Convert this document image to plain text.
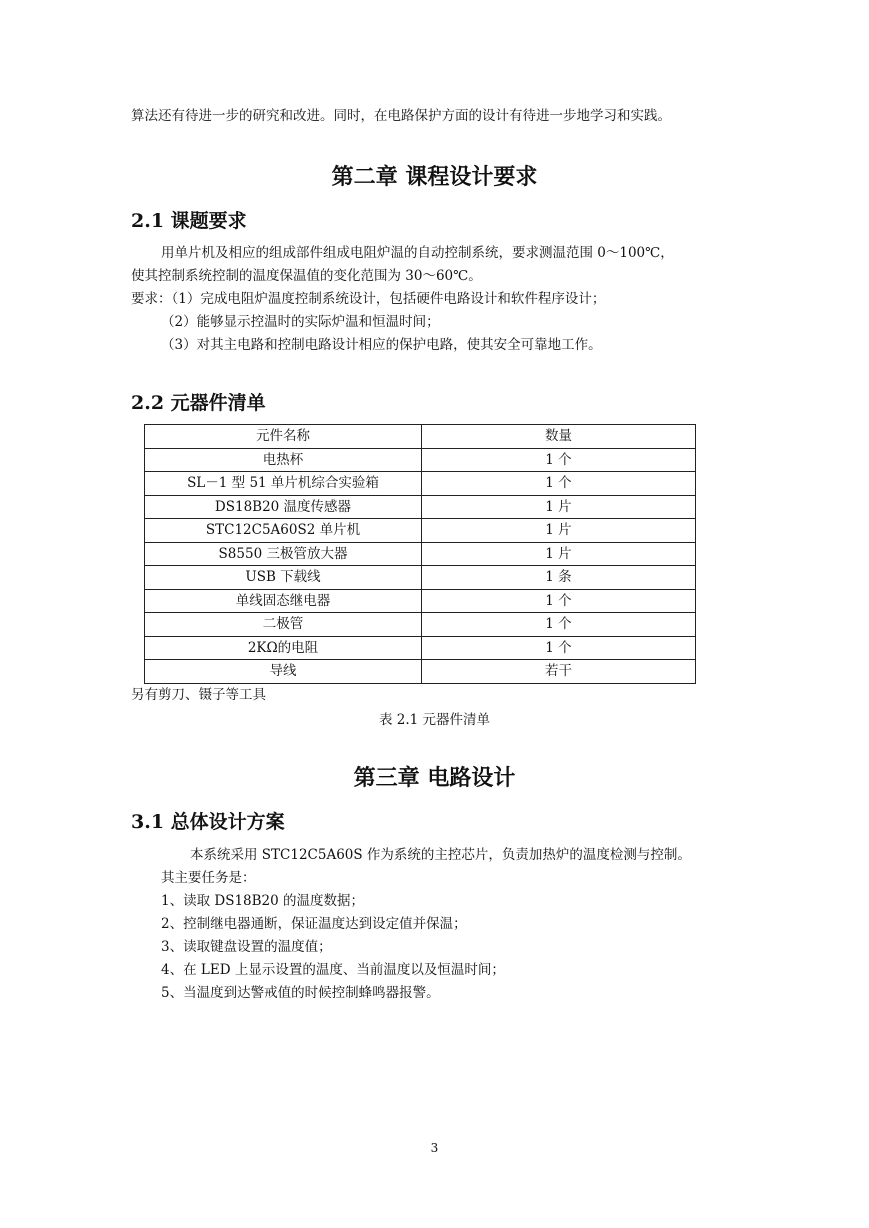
算法还有待进一步的研究和改进。同时，在电路保护方面的设计有待进一步地学习和实践。
第二章 课程设计要求
2.1 课题要求
用单片机及相应的组成部件组成电阻炉温的自动控制系统，要求测温范围 0～100℃，
使其控制系统控制的温度保温值的变化范围为 30～60℃。
要求：（1）完成电阻炉温度控制系统设计，包括硬件电路设计和软件程序设计；
（2）能够显示控温时的实际炉温和恒温时间；
（3）对其主电路和控制电路设计相应的保护电路，使其安全可靠地工作。
2.2 元器件清单
元件名称	数量
电热杯	1 个
SL－1 型 51 单片机综合实验箱	1 个
DS18B20 温度传感器	1 片
STC12C5A60S2 单片机	1 片
S8550 三极管放大器	1 片
USB 下载线	1 条
单线固态继电器	1 个
二极管	1 个
2KΩ的电阻	1 个
导线	若干
另有剪刀、镊子等工具
表 2.1 元器件清单
第三章 电路设计
3.1 总体设计方案
本系统采用 STC12C5A60S 作为系统的主控芯片，负责加热炉的温度检测与控制。
其主要任务是：
1、读取 DS18B20 的温度数据；
2、控制继电器通断，保证温度达到设定值并保温；
3、读取键盘设置的温度值；
4、在 LED 上显示设置的温度、当前温度以及恒温时间；
5、当温度到达警戒值的时候控制蜂鸣器报警。
3
